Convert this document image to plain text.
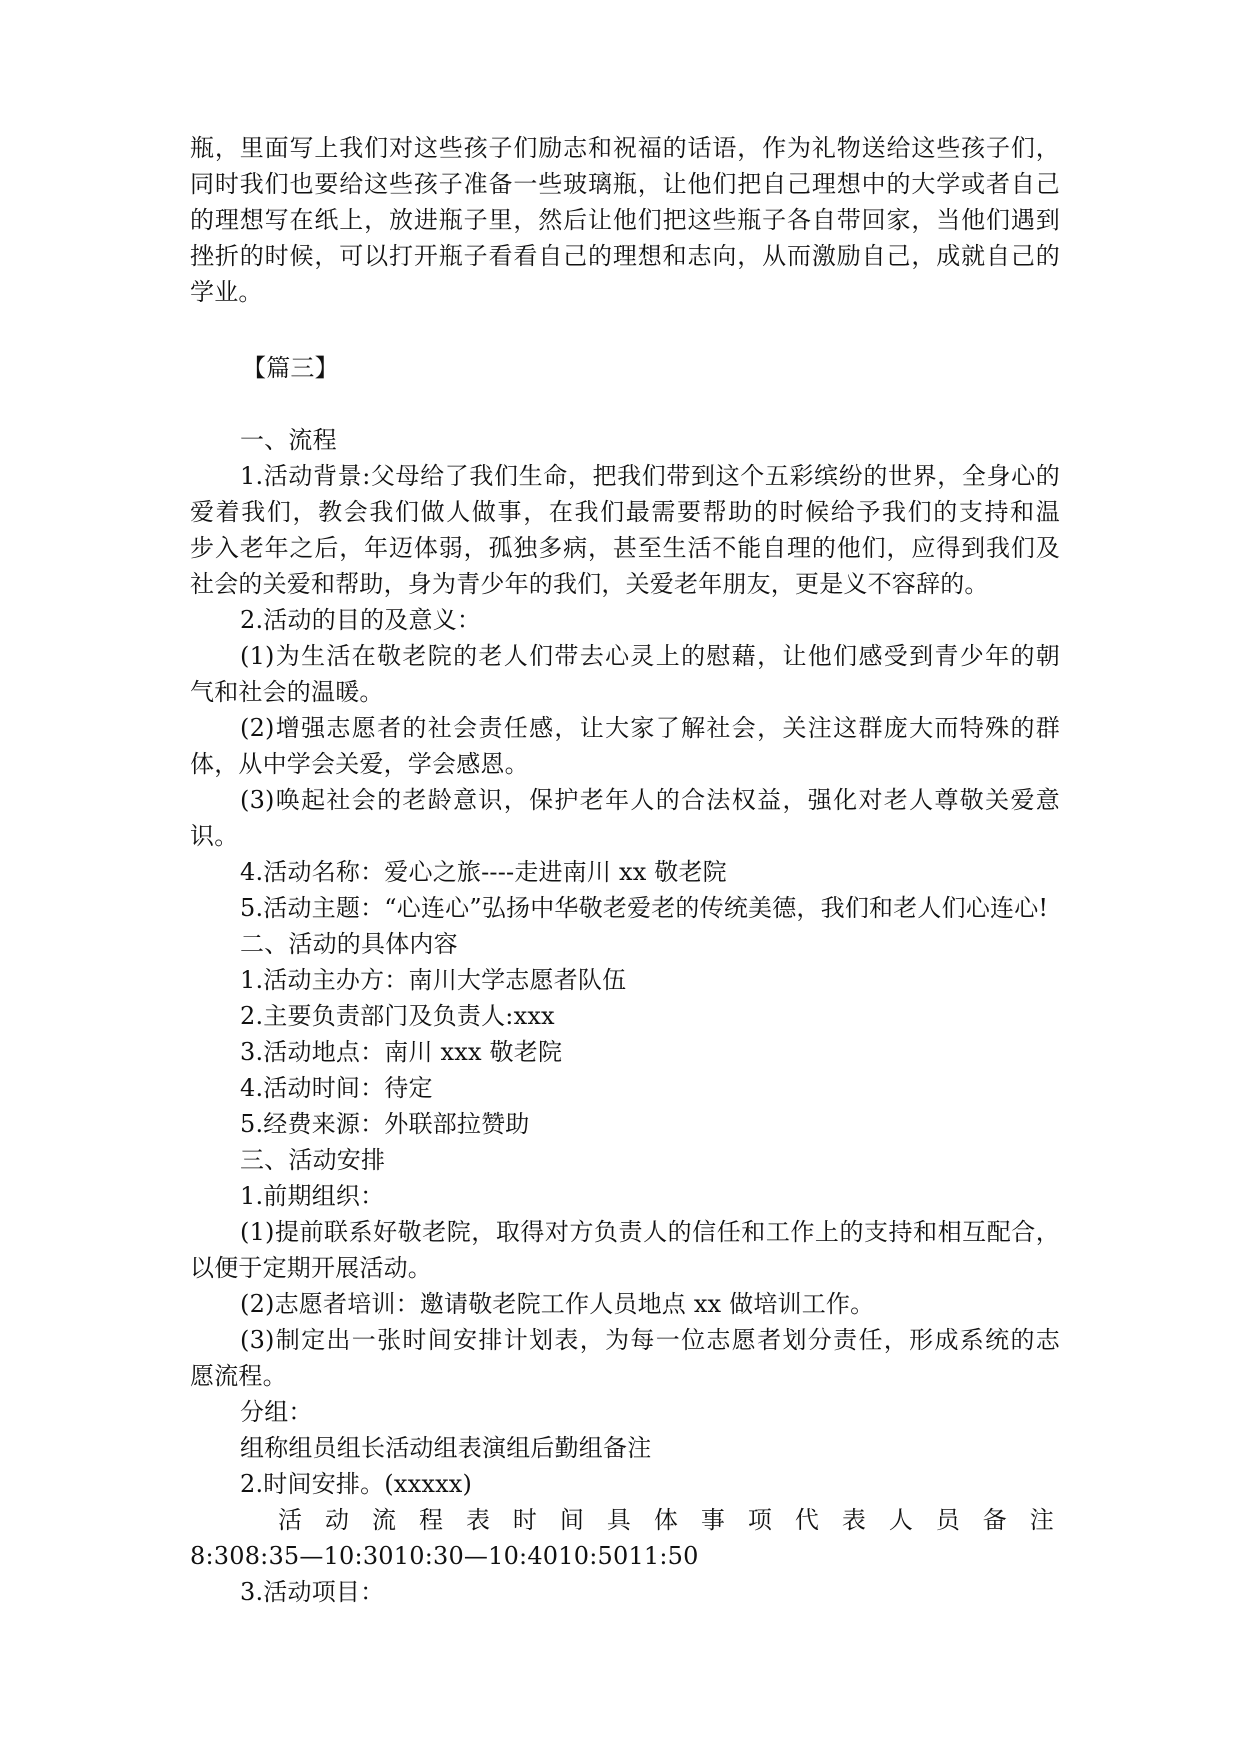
瓶，里面写上我们对这些孩子们励志和祝福的话语，作为礼物送给这些孩子们，
同时我们也要给这些孩子准备一些玻璃瓶，让他们把自己理想中的大学或者自己
的理想写在纸上，放进瓶子里，然后让他们把这些瓶子各自带回家，当他们遇到
挫折的时候，可以打开瓶子看看自己的理想和志向，从而激励自己，成就自己的
学业。
【篇三】
一、流程
1.活动背景:父母给了我们生命，把我们带到这个五彩缤纷的世界，全身心的
爱着我们，教会我们做人做事，在我们最需要帮助的时候给予我们的支持和温
步入老年之后，年迈体弱，孤独多病，甚至生活不能自理的他们，应得到我们及
社会的关爱和帮助，身为青少年的我们，关爱老年朋友，更是义不容辞的。
2.活动的目的及意义：
(1)为生活在敬老院的老人们带去心灵上的慰藉，让他们感受到青少年的朝
气和社会的温暖。
(2)增强志愿者的社会责任感，让大家了解社会，关注这群庞大而特殊的群
体，从中学会关爱，学会感恩。
(3)唤起社会的老龄意识，保护老年人的合法权益，强化对老人尊敬关爱意
识。
4.活动名称：爱心之旅----走进南川 xx 敬老院
5.活动主题：“心连心”弘扬中华敬老爱老的传统美德，我们和老人们心连心!
二、活动的具体内容
1.活动主办方：南川大学志愿者队伍
2.主要负责部门及负责人:xxx
3.活动地点：南川 xxx 敬老院
4.活动时间：待定
5.经费来源：外联部拉赞助
三、活动安排
1.前期组织：
(1)提前联系好敬老院，取得对方负责人的信任和工作上的支持和相互配合，
以便于定期开展活动。
(2)志愿者培训：邀请敬老院工作人员地点 xx 做培训工作。
(3)制定出一张时间安排计划表，为每一位志愿者划分责任，形成系统的志
愿流程。
分组：
组称组员组长活动组表演组后勤组备注
2.时间安排。(xxxxx)
活 动 流 程 表 时 间 具 体 事 项 代 表 人 员 备 注
8:308:35—10:3010:30—10:4010:5011:50
3.活动项目：
